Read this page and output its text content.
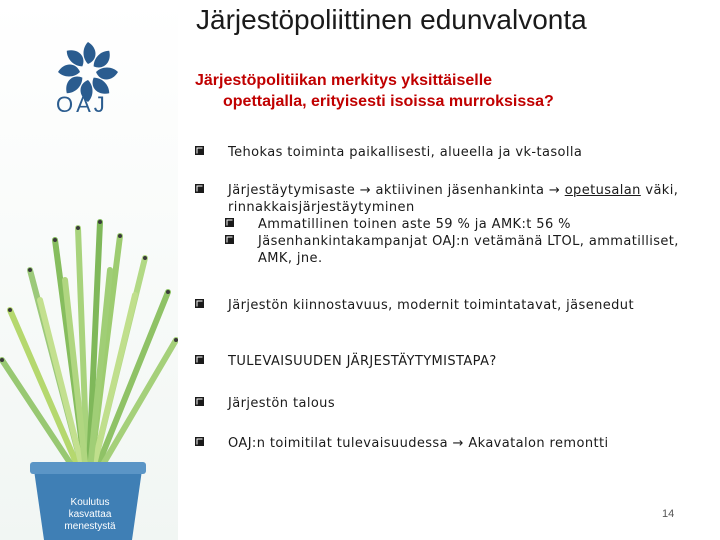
OAJ
Koulutus
kasvattaa
menestystä
Järjestöpoliittinen edunvalvonta
Järjestöpolitiikan merkitys yksittäiselle
opettajalla, erityisesti isoissa murroksissa?
Tehokas toiminta paikallisesti, alueella ja vk-tasolla
Järjestäytymisaste → aktiivinen jäsenhankinta → opetusalan väki, rinnakkaisjärjestäytyminen
Ammatillinen toinen aste 59 % ja AMK:t 56 %
Jäsenhankintakampanjat OAJ:n vetämänä LTOL, ammatilliset, AMK, jne.
Järjestön kiinnostavuus, modernit toimintatavat, jäsenedut
TULEVAISUUDEN JÄRJESTÄYTYMISTAPA?
Järjestön talous
OAJ:n toimitilat tulevaisuudessa → Akavatalon remontti
14
